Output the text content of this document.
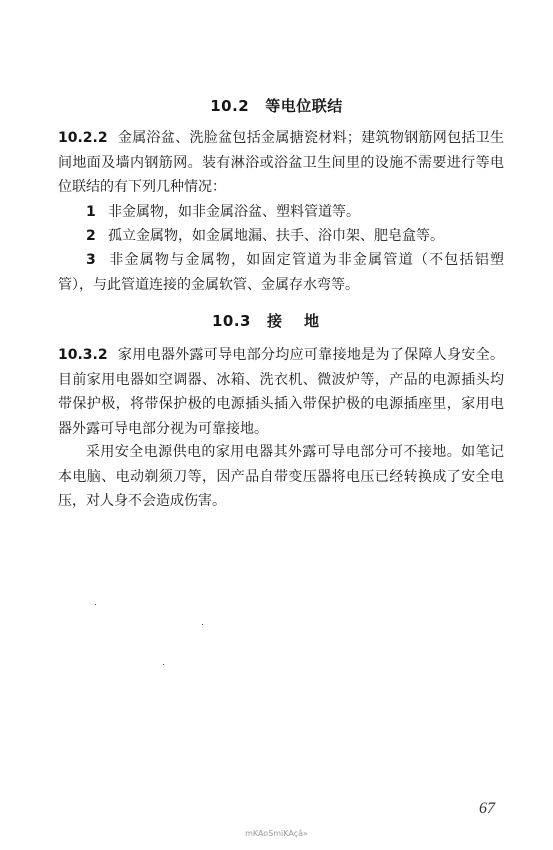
10.2 等电位联结
10.2.2 金属浴盆、洗脸盆包括金属搪瓷材料；建筑物钢筋网包括卫生间地面及墙内钢筋网。装有淋浴或浴盆卫生间里的设施不需要进行等电位联结的有下列几种情况：
1 非金属物，如非金属浴盆、塑料管道等。
2 孤立金属物，如金属地漏、扶手、浴巾架、肥皂盒等。
3 非金属物与金属物，如固定管道为非金属管道（不包括铝塑管），与此管道连接的金属软管、金属存水弯等。
10.3 接地
10.3.2 家用电器外露可导电部分均应可靠接地是为了保障人身安全。目前家用电器如空调器、冰箱、洗衣机、微波炉等，产品的电源插头均带保护极，将带保护极的电源插头插入带保护极的电源插座里，家用电器外露可导电部分视为可靠接地。
采用安全电源供电的家用电器其外露可导电部分可不接地。如笔记本电脑、电动剃须刀等，因产品自带变压器将电压已经转换成了安全电压，对人身不会造成伤害。
67
mKAoSmiKAçâ»
